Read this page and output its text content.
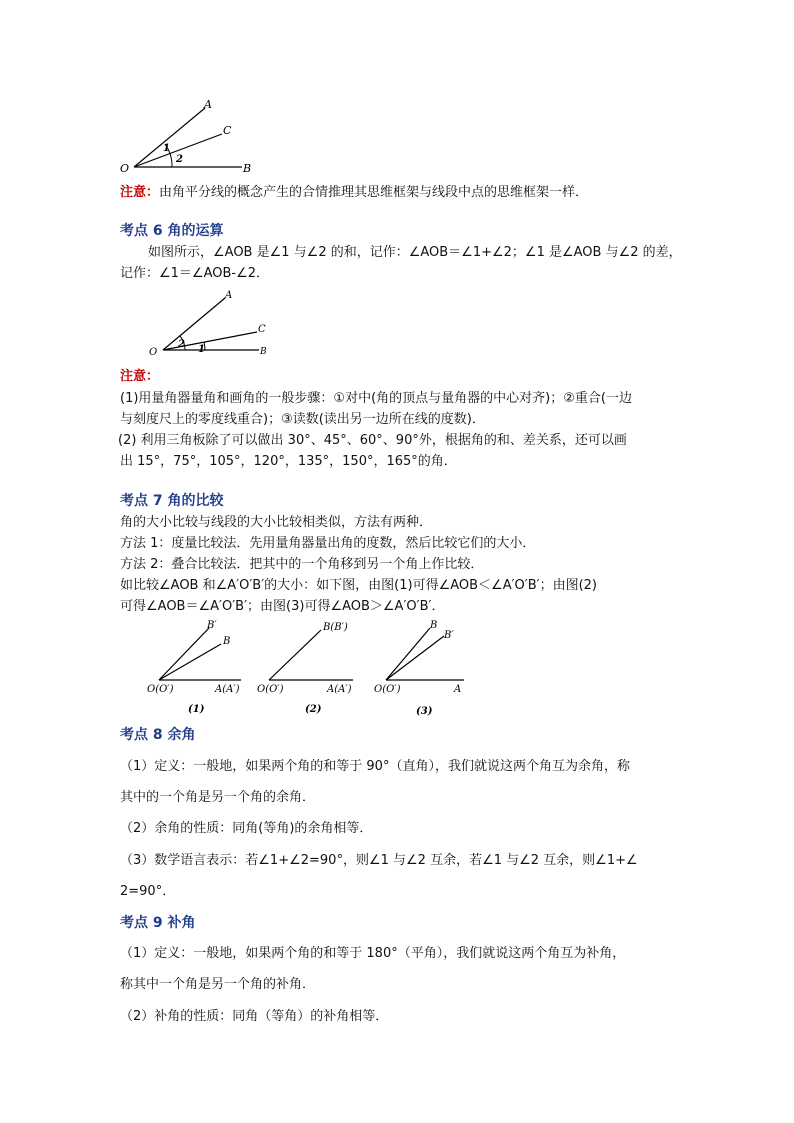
A
C
O	B
1
2
注意：由角平分线的概念产生的合情推理其思维框架与线段中点的思维框架一样．
考点 6 角的运算
如图所示，∠AOB 是∠1 与∠2 的和，记作：∠AOB＝∠1+∠2；∠1 是∠AOB 与∠2 的差，
记作：∠1＝∠AOB-∠2．
A
C
O	B
2 1
注意：
(1)用量角器量角和画角的一般步骤：①对中(角的顶点与量角器的中心对齐)；②重合(一边
与刻度尺上的零度线重合)；③读数(读出另一边所在线的度数)．
(2) 利用三角板除了可以做出 30°、45°、60°、90°外，根据角的和、差关系，还可以画
出 15°，75°，105°，120°，135°，150°，165°的角．
考点 7 角的比较
角的大小比较与线段的大小比较相类似，方法有两种．
方法 1：度量比较法．先用量角器量出角的度数，然后比较它们的大小．
方法 2：叠合比较法．把其中的一个角移到另一个角上作比较．
如比较∠AOB 和∠A′O′B′的大小：如下图，由图(1)可得∠AOB＜∠A′O′B′；由图(2)
可得∠AOB＝∠A′O′B′；由图(3)可得∠AOB＞∠A′O′B′．
B′
B
O(O′)	A(A′)
(1)
B(B′)
O(O′)	A(A′)
(2)
B
B′
O(O′)	A
(3)
考点 8 余角
（1）定义：一般地，如果两个角的和等于 90°（直角），我们就说这两个角互为余角，称
其中的一个角是另一个角的余角．
（2）余角的性质：同角(等角)的余角相等．
（3）数学语言表示：若∠1+∠2=90°，则∠1 与∠2 互余，若∠1 与∠2 互余，则∠1+∠
2=90°．
考点 9 补角
（1）定义：一般地，如果两个角的和等于 180°（平角），我们就说这两个角互为补角，
称其中一个角是另一个角的补角．
（2）补角的性质：同角（等角）的补角相等．
